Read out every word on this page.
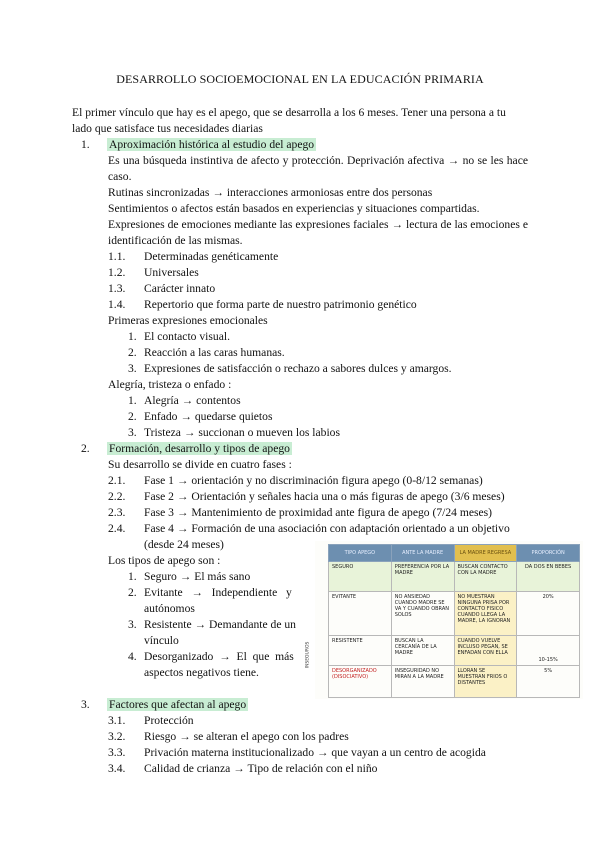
DESARROLLO SOCIOEMOCIONAL EN LA EDUCACIÓN PRIMARIA
El primer vínculo que hay es el apego, que se desarrolla a los 6 meses. Tener una persona a tu
lado que satisface tus necesidades diarias
1. Aproximación histórica al estudio del apego
Es una búsqueda instintiva de afecto y protección. Deprivación afectiva → no se les hace caso.
Rutinas sincronizadas → interacciones armoniosas entre dos personas
Sentimientos o afectos están basados en experiencias y situaciones compartidas.
Expresiones de emociones mediante las expresiones faciales → lectura de las emociones e identificación de las mismas.
1.1. Determinadas genéticamente
1.2. Universales
1.3. Carácter innato
1.4. Repertorio que forma parte de nuestro patrimonio genético
Primeras expresiones emocionales
1. El contacto visual.
2. Reacción a las caras humanas.
3. Expresiones de satisfacción o rechazo a sabores dulces y amargos.
Alegría, tristeza o enfado :
1. Alegría → contentos
2. Enfado → quedarse quietos
3. Tristeza → succionan o mueven los labios
2. Formación, desarrollo y tipos de apego
Su desarrollo se divide en cuatro fases :
2.1. Fase 1 → orientación y no discriminación figura apego (0-8/12 semanas)
2.2. Fase 2 → Orientación y señales hacia una o más figuras de apego (3/6 meses)
2.3. Fase 3 → Mantenimiento de proximidad ante figura de apego (7/24 meses)
2.4. Fase 4 → Formación de una asociación con adaptación orientado a un objetivo
(desde 24 meses)
Los tipos de apego son :
1. Seguro → El más sano
2. Evitante   →   Independiente   y
autónomos
3. Resistente → Demandante de un
vínculo
4. Desorganizado  →  El  que  más
aspectos negativos tiene.
INSEGUROS
TIPO APEGO	ANTE LA MADRE	LA MADRE REGRESA	PROPORCIÓN
SEGURO	PREFERENCIA POR LA MADRE	BUSCAN CONTACTO CON LA MADRE	DA DOS EN BEBES
EVITANTE	NO ANSIEDAD CUANDO MADRE SE VA Y CUANDO OBRAN SOLOS	NO MUESTRAN NINGUNA PRISA POR CONTACTO FISICO CUANDO LLEGA LA MADRE, LA IGNORAN	20%
RESISTENTE	BUSCAN LA CERCANÍA DE LA MADRE	CUANDO VUELVE INCLUSO PEGAN, SE ENFADAN CON ELLA	10-15%
DESORGANIZADO (DISOCIATIVO)	INSEGURIDAD NO MIRAN A LA MADRE	LLORAN SE MUESTRAN FRIOS O DISTANTES	5%
3. Factores que afectan al apego
3.1. Protección
3.2. Riesgo → se alteran el apego con los padres
3.3. Privación materna institucionalizado → que vayan a un centro de acogida
3.4. Calidad de crianza → Tipo de relación con el niño
